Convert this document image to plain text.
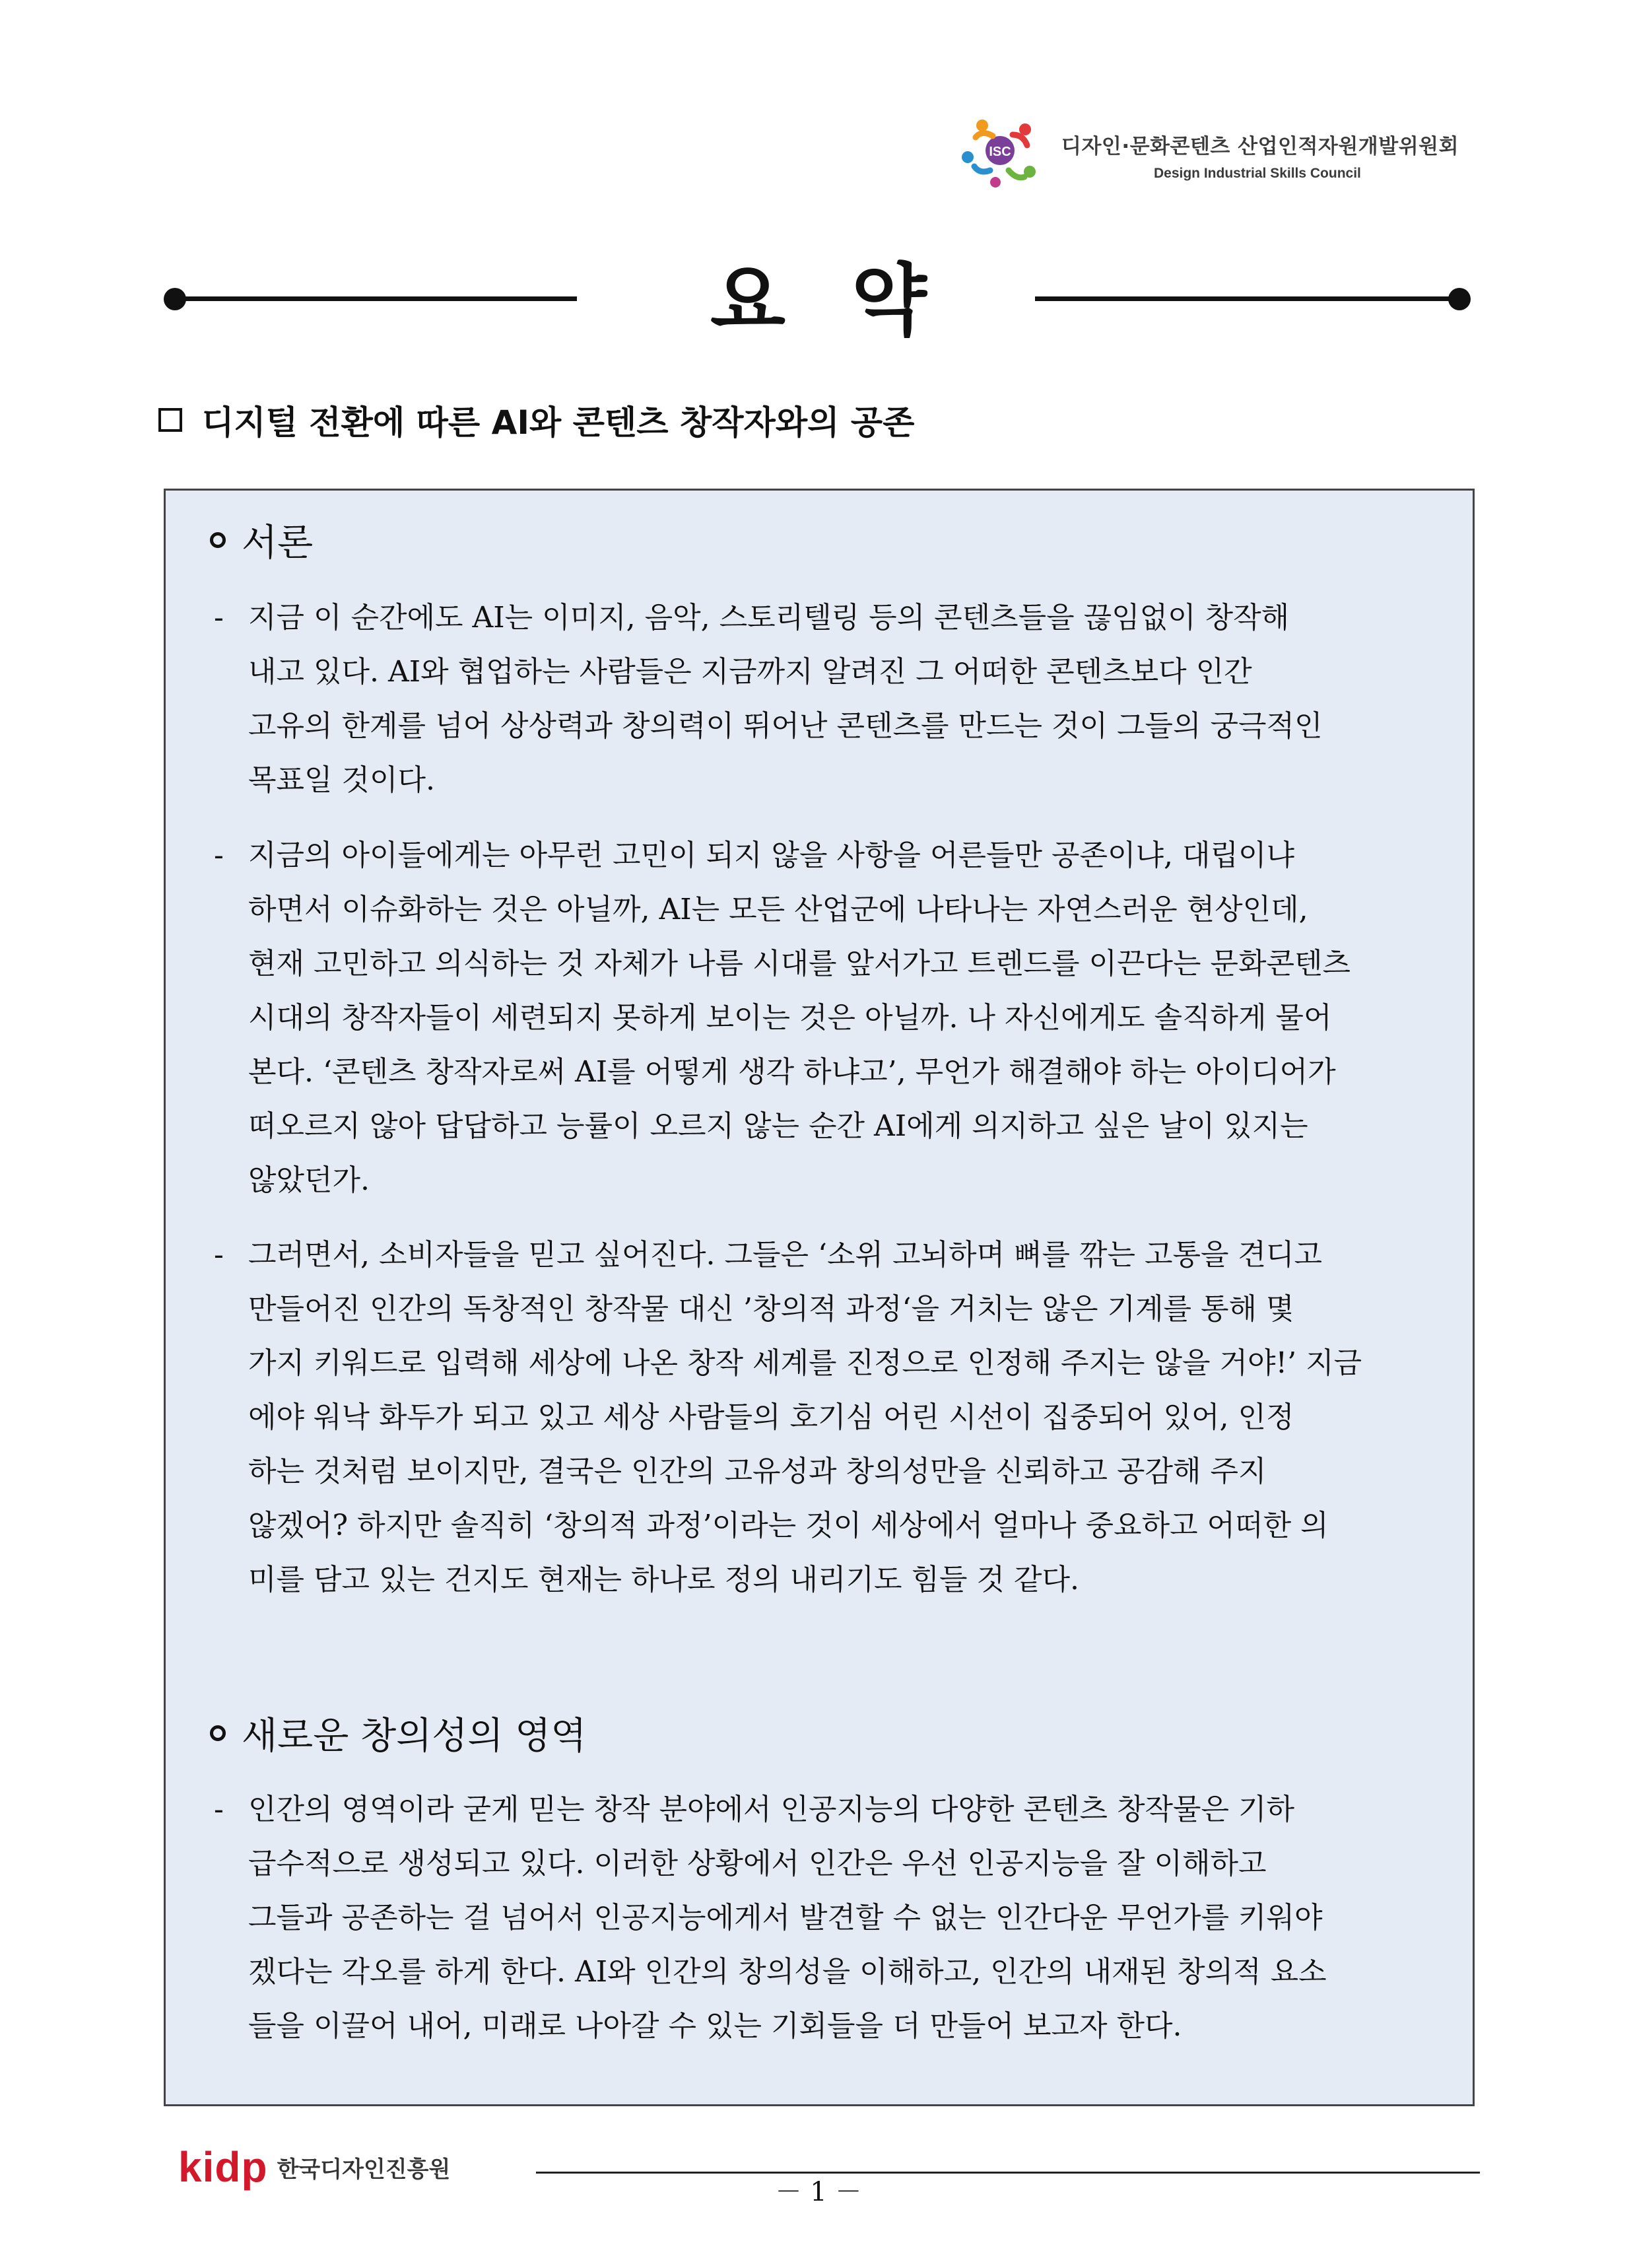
ISC 디자인·문화콘텐츠 산업인적자원개발위원회
Design Industrial Skills Council
요 약
디지털 전환에 따른 AI와 콘텐츠 창작자와의 공존
서론
- 지금 이 순간에도 AI는 이미지, 음악, 스토리텔링 등의 콘텐츠들을 끊임없이 창작해
내고 있다. AI와 협업하는 사람들은 지금까지 알려진 그 어떠한 콘텐츠보다 인간
고유의 한계를 넘어 상상력과 창의력이 뛰어난 콘텐츠를 만드는 것이 그들의 궁극적인
목표일 것이다.
- 지금의 아이들에게는 아무런 고민이 되지 않을 사항을 어른들만 공존이냐, 대립이냐
하면서 이슈화하는 것은 아닐까, AI는 모든 산업군에 나타나는 자연스러운 현상인데,
현재 고민하고 의식하는 것 자체가 나름 시대를 앞서가고 트렌드를 이끈다는 문화콘텐츠
시대의 창작자들이 세련되지 못하게 보이는 것은 아닐까. 나 자신에게도 솔직하게 물어
본다. ‘콘텐츠 창작자로써 AI를 어떻게 생각 하냐고’, 무언가 해결해야 하는 아이디어가
떠오르지 않아 답답하고 능률이 오르지 않는 순간 AI에게 의지하고 싶은 날이 있지는
않았던가.
- 그러면서, 소비자들을 믿고 싶어진다. 그들은 ‘소위 고뇌하며 뼈를 깎는 고통을 견디고
만들어진 인간의 독창적인 창작물 대신 ’창의적 과정‘을 거치는 않은 기계를 통해 몇
가지 키워드로 입력해 세상에 나온 창작 세계를 진정으로 인정해 주지는 않을 거야!’ 지금
에야 워낙 화두가 되고 있고 세상 사람들의 호기심 어린 시선이 집중되어 있어, 인정
하는 것처럼 보이지만, 결국은 인간의 고유성과 창의성만을 신뢰하고 공감해 주지
않겠어? 하지만 솔직히 ‘창의적 과정’이라는 것이 세상에서 얼마나 중요하고 어떠한 의
미를 담고 있는 건지도 현재는 하나로 정의 내리기도 힘들 것 같다.
새로운 창의성의 영역
- 인간의 영역이라 굳게 믿는 창작 분야에서 인공지능의 다양한 콘텐츠 창작물은 기하
급수적으로 생성되고 있다. 이러한 상황에서 인간은 우선 인공지능을 잘 이해하고
그들과 공존하는 걸 넘어서 인공지능에게서 발견할 수 없는 인간다운 무언가를 키워야
겠다는 각오를 하게 한다. AI와 인간의 창의성을 이해하고, 인간의 내재된 창의적 요소
들을 이끌어 내어, 미래로 나아갈 수 있는 기회들을 더 만들어 보고자 한다.
kidp 한국디자인진흥원
－ 1 －
